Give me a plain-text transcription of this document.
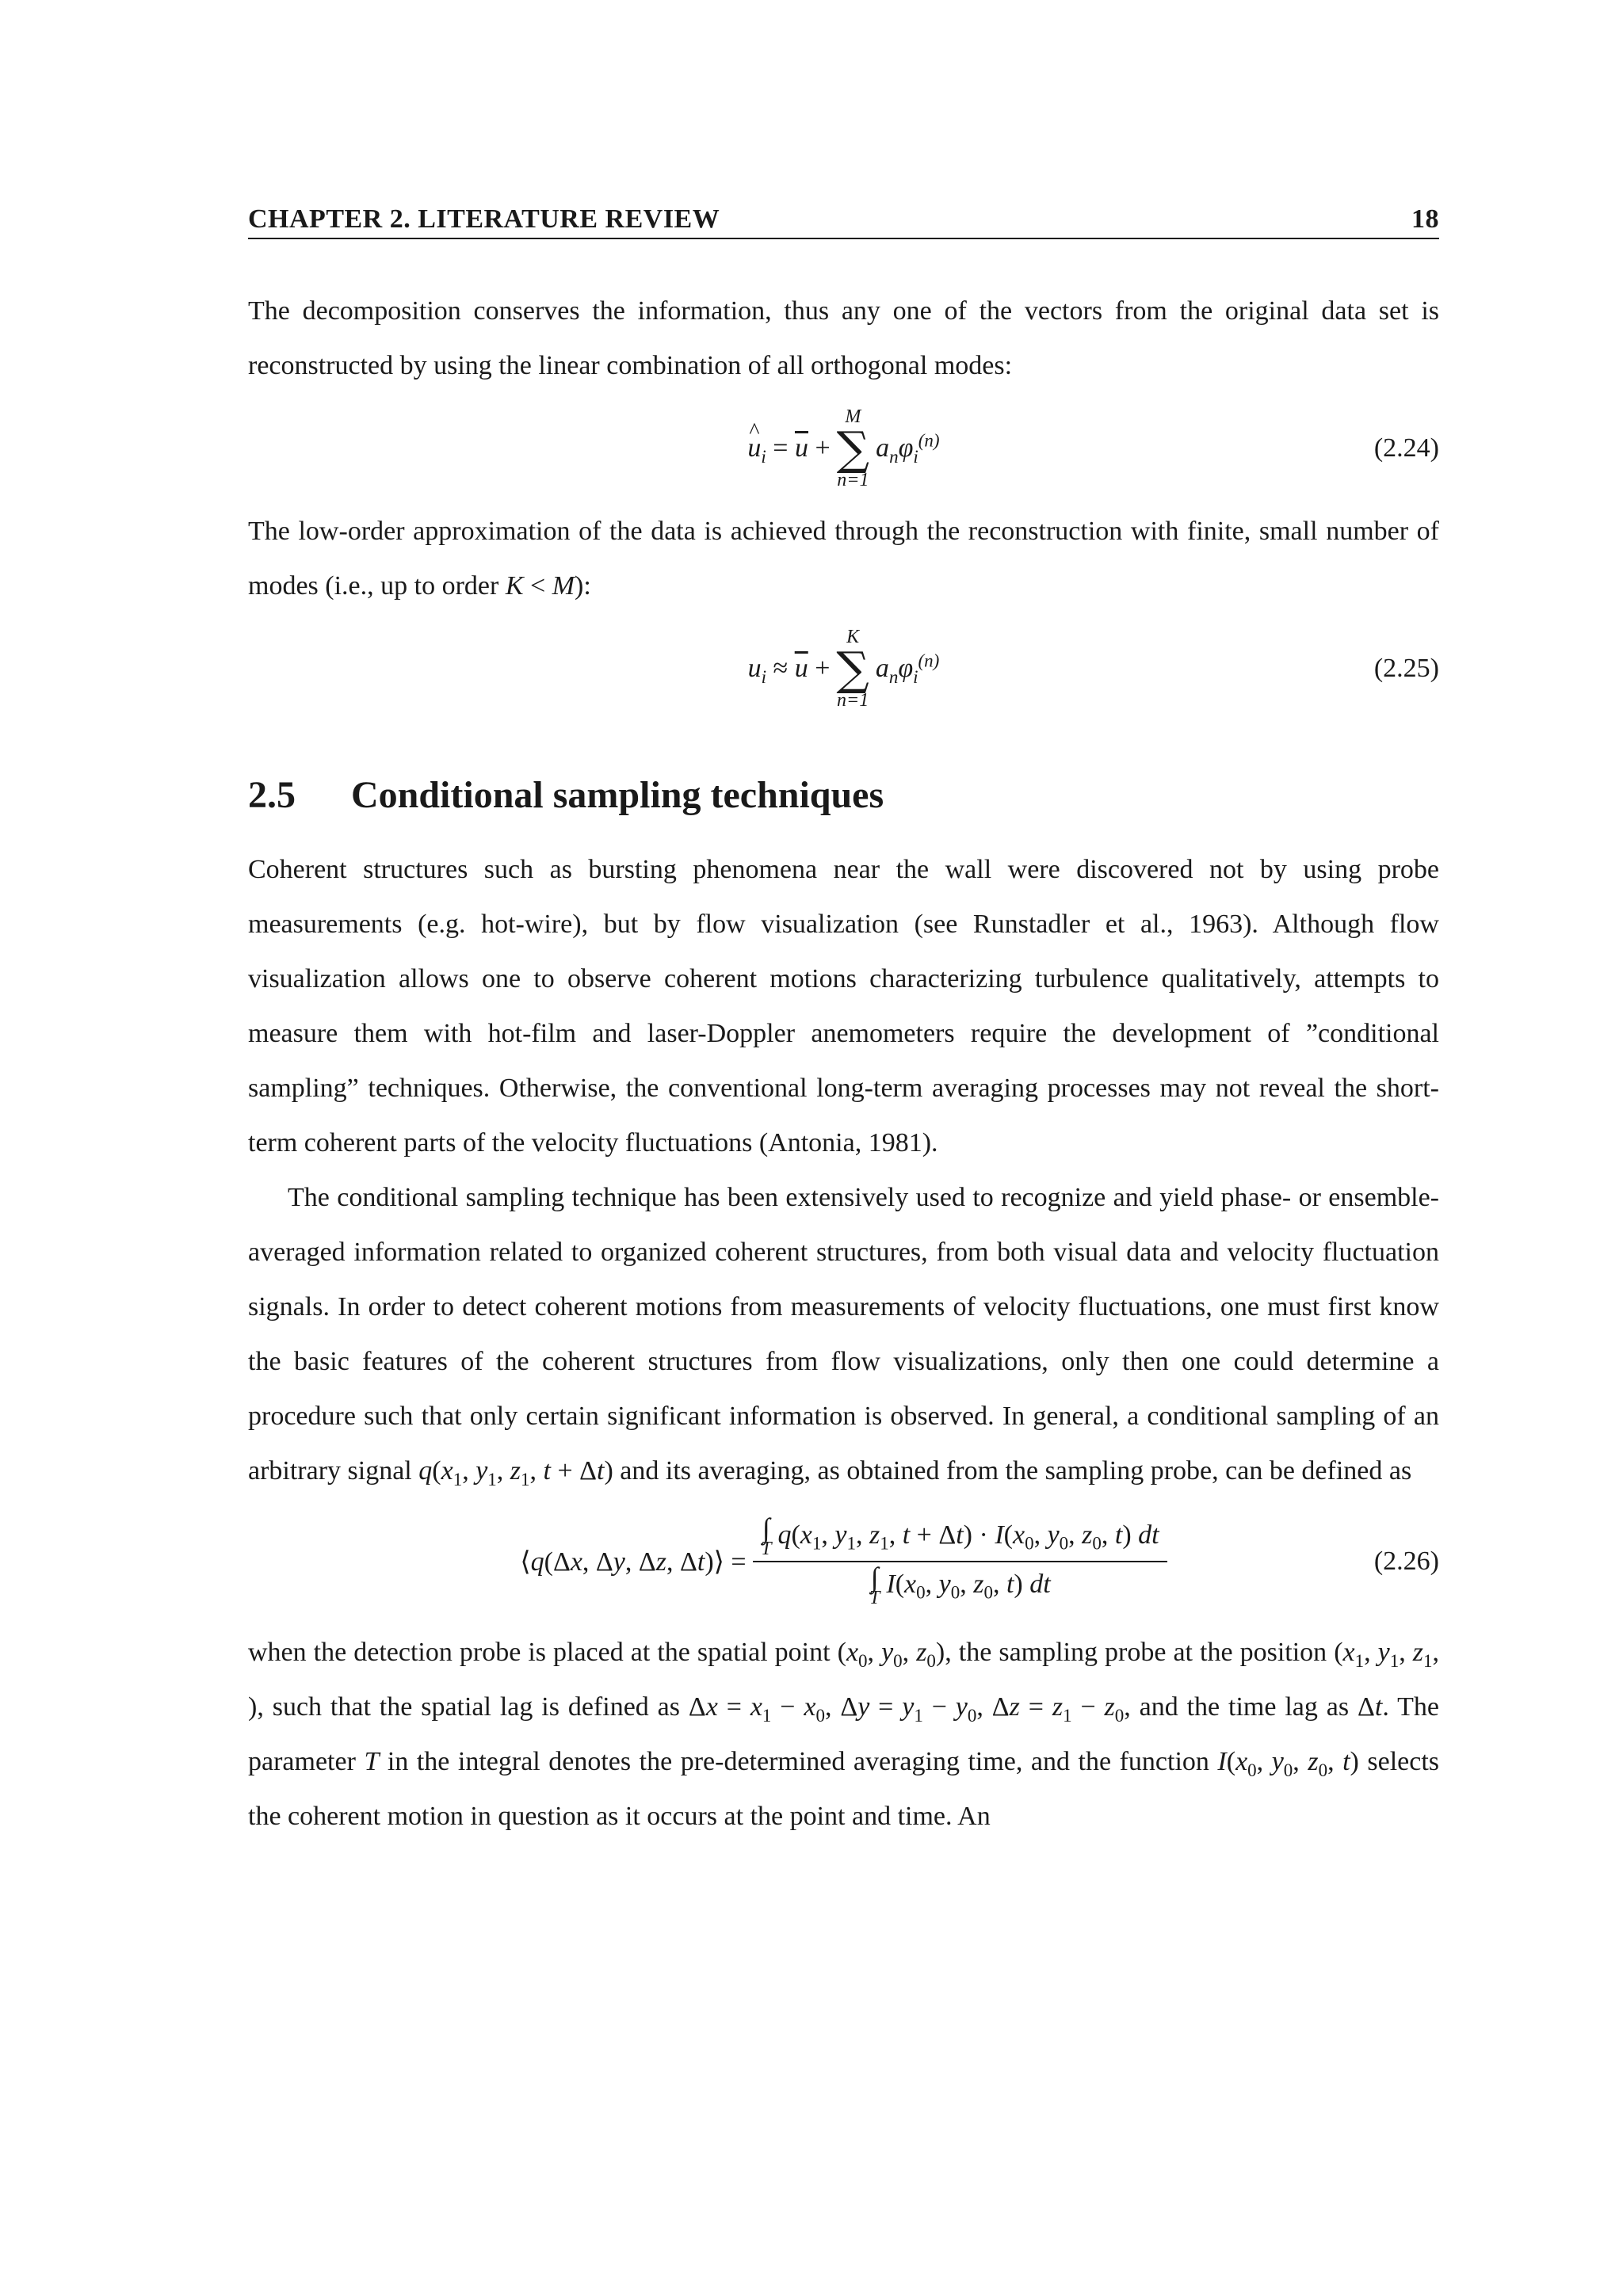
CHAPTER 2. LITERATURE REVIEW	18

The decomposition conserves the information, thus any one of the vectors from the original data set is reconstructed by using the linear combination of all orthogonal modes:

^ $u_i = \overline{u}$ +
M
∑
n=1
$a_n\varphi_i^{(n)}$	(2.24)

The low-order approximation of the data is achieved through the reconstruction with finite, small number of modes (i.e., up to order K < M):

$u_i \approx \overline{u}$ +
K
∑
n=1
$a_n\varphi_i^{(n)}$	(2.25)
2.5 Conditional sampling techniques

Coherent structures such as bursting phenomena near the wall were discovered not by using probe measurements (e.g. hot-wire), but by flow visualization (see Runstadler et al., 1963). Although flow visualization allows one to observe coherent motions characterizing turbulence qualitatively, attempts to measure them with hot-film and laser-Doppler anemometers require the development of ”conditional sampling” techniques. Otherwise, the conventional long-term averaging processes may not reveal the short-term coherent parts of the velocity fluctuations (Antonia, 1981).

The conditional sampling technique has been extensively used to recognize and yield phase- or ensemble-averaged information related to organized coherent structures, from both visual data and velocity fluctuation signals. In order to detect coherent motions from measurements of velocity fluctuations, one must first know the basic features of the coherent structures from flow visualizations, only then one could determine a procedure such that only certain significant information is observed. In general, a conditional sampling of an arbitrary signal $q(x_1$, $y_1$, $z_1$, t + Δt) and its averaging, as obtained from the sampling probe, can be defined as

⟨q(Δx, Δy, Δz, Δt)⟩ = ∫
T $q(x_1$, $y_1$, $z_1$, $t + \Delta t) \cdot I(x_0$, $y_0$, $z_0$, t) dt
∫
T $I(x_0$, $y_0$, $z_0$, t) dt	(2.26)

when the detection probe is placed at the spatial point ($x_0$, $y_0$, $z_0$), the sampling probe at the position ($x_1$, $y_1$, $z_1$, ), such that the spatial lag is defined as $\Delta x = x_1 - x_0$, $\Delta y = y_1 - y_0$, $\Delta z = z_1 - z_0$, and the time lag as Δt. The parameter T in the integral denotes the pre-determined averaging time, and the function $I(x_0$, $y_0$, $z_0$, t) selects the coherent motion in question as it occurs at the point and time. An
